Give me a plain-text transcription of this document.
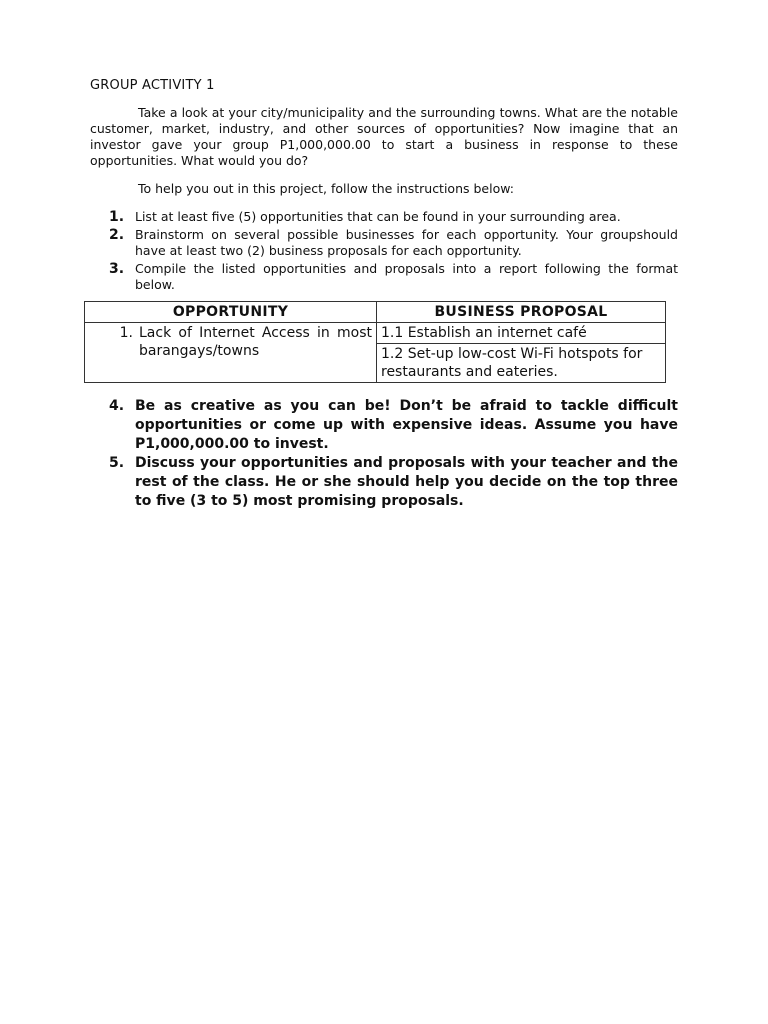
GROUP ACTIVITY 1

Take a look at your city/municipality and the surrounding towns. What are the notable customer, market, industry, and other sources of opportunities? Now imagine that an investor gave your group P1,000,000.00 to start a business in response to these opportunities. What would you do?

To help you out in this project, follow the instructions below:

1. List at least five (5) opportunities that can be found in your surrounding area.
2. Brainstorm on several possible businesses for each opportunity. Your groupshould have at least two (2) business proposals for each opportunity.
3. Compile the listed opportunities and proposals into a report following the format below.
OPPORTUNITY	BUSINESS PROPOSAL

1. Lack of Internet Access in most barangays/towns	1.1 Establish an internet café
	1.2 Set-up low-cost Wi-Fi hotspots for restaurants and eateries.
4. Be as creative as you can be! Don’t be afraid to tackle difficult opportunities or come up with expensive ideas. Assume you have P1,000,000.00 to invest.
5. Discuss your opportunities and proposals with your teacher and the rest of the class. He or she should help you decide on the top three to five (3 to 5) most promising proposals.
